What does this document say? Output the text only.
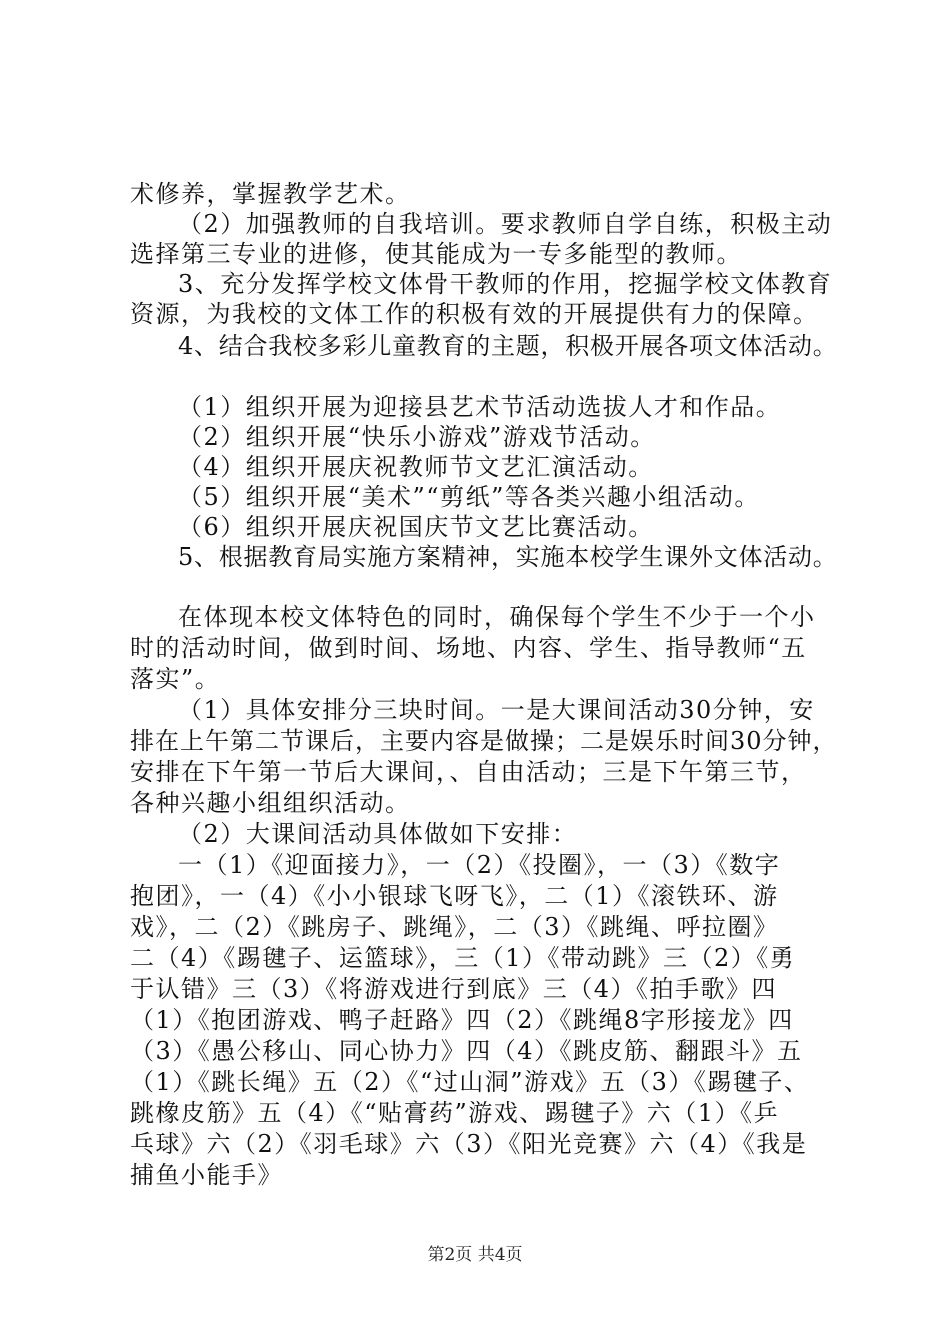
术修养，掌握教学艺术。
（2）加强教师的自我培训。要求教师自学自练，积极主动
选择第三专业的进修，使其能成为一专多能型的教师。
3、充分发挥学校文体骨干教师的作用，挖掘学校文体教育
资源，为我校的文体工作的积极有效的开展提供有力的保障。
4、结合我校多彩儿童教育的主题，积极开展各项文体活动。
（1）组织开展为迎接县艺术节活动选拔人才和作品。
（2）组织开展“快乐小游戏”游戏节活动。
（4）组织开展庆祝教师节文艺汇演活动。
（5）组织开展“美术”“剪纸”等各类兴趣小组活动。
（6）组织开展庆祝国庆节文艺比赛活动。
5、根据教育局实施方案精神，实施本校学生课外文体活动。
在体现本校文体特色的同时，确保每个学生不少于一个小
时的活动时间，做到时间、场地、内容、学生、指导教师“五
落实”。
（1）具体安排分三块时间。一是大课间活动30分钟，安
排在上午第二节课后，主要内容是做操；二是娱乐时间30分钟，
安排在下午第一节后大课间，、自由活动；三是下午第三节，
各种兴趣小组组织活动。
（2）大课间活动具体做如下安排：
一（1）《迎面接力》，一（2）《投圈》，一（3）《数字
抱团》，一（4）《小小银球飞呀飞》，二（1）《滚铁环、游
戏》，二（2）《跳房子、跳绳》，二（3）《跳绳、呼拉圈》
二（4）《踢毽子、运篮球》，三（1）《带动跳》三（2）《勇
于认错》三（3）《将游戏进行到底》三（4）《拍手歌》四
（1）《抱团游戏、鸭子赶路》四（2）《跳绳8字形接龙》四
（3）《愚公移山、同心协力》四（4）《跳皮筋、翻跟斗》五
（1）《跳长绳》五（2）《“过山洞”游戏》五（3）《踢毽子、
跳橡皮筋》五（4）《“贴膏药”游戏、踢毽子》六（1）《乒
乓球》六（2）《羽毛球》六（3）《阳光竞赛》六（4）《我是
捕鱼小能手》
第2页 共4页
